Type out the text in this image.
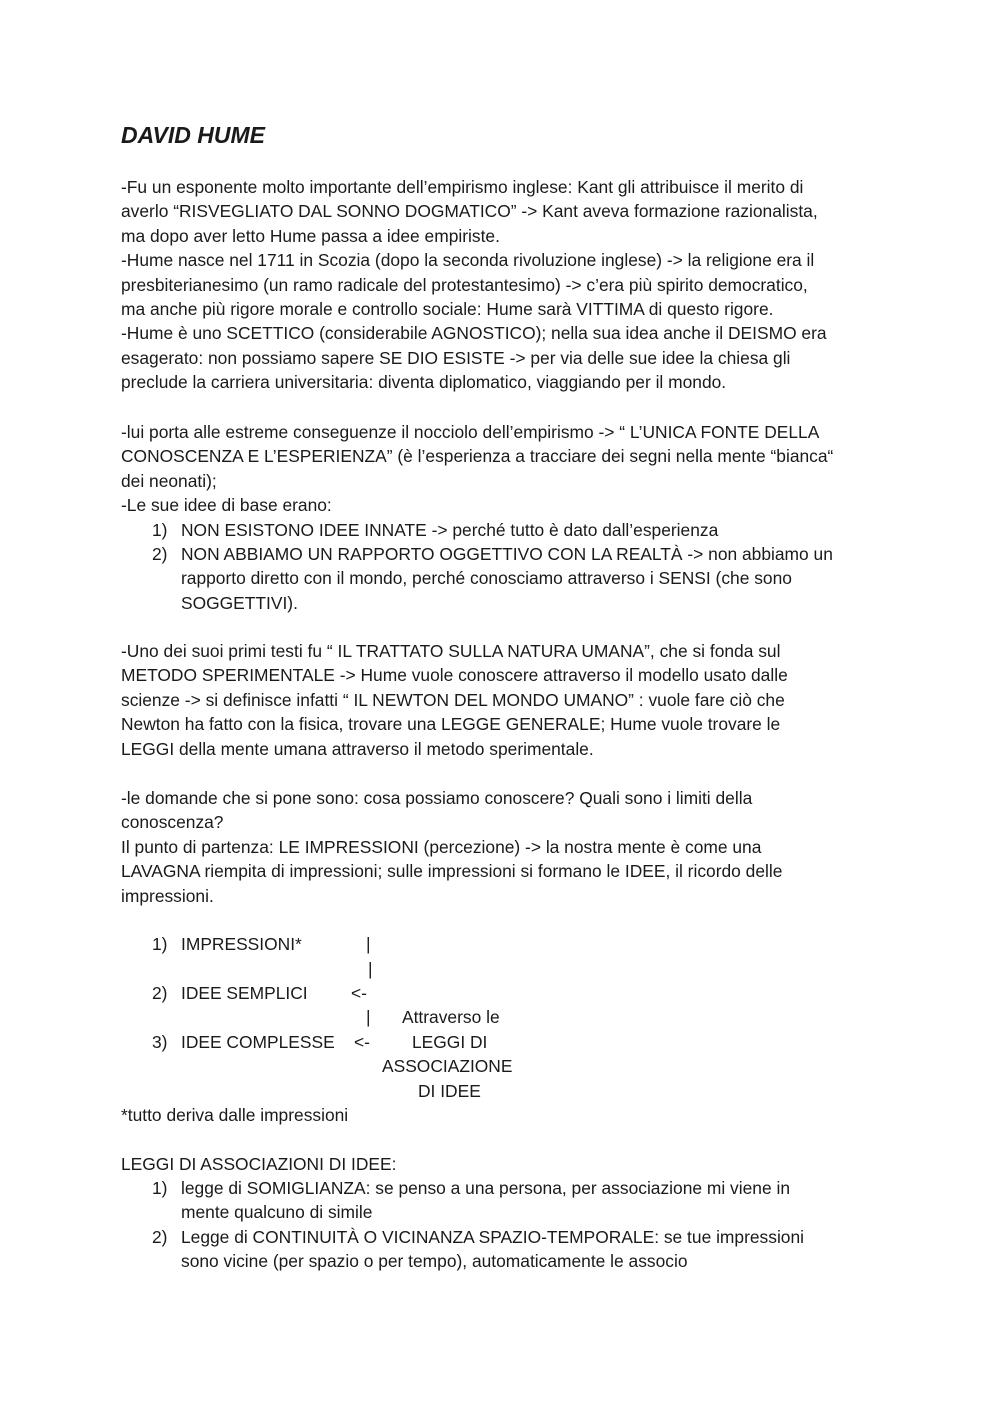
DAVID HUME
-Fu un esponente molto importante dell’empirismo inglese: Kant gli attribuisce il merito di
averlo “RISVEGLIATO DAL SONNO DOGMATICO” -> Kant aveva formazione razionalista,
ma dopo aver letto Hume passa a idee empiriste.
-Hume nasce nel 1711 in Scozia (dopo la seconda rivoluzione inglese) -> la religione era il
presbiterianesimo (un ramo radicale del protestantesimo) -> c’era più spirito democratico,
ma anche più rigore morale e controllo sociale: Hume sarà VITTIMA di questo rigore.
-Hume è uno SCETTICO (considerabile AGNOSTICO); nella sua idea anche il DEISMO era
esagerato: non possiamo sapere SE DIO ESISTE -> per via delle sue idee la chiesa gli
preclude la carriera universitaria: diventa diplomatico, viaggiando per il mondo.
-lui porta alle estreme conseguenze il nocciolo dell’empirismo -> “ L’UNICA FONTE DELLA
CONOSCENZA E L’ESPERIENZA” (è l’esperienza a tracciare dei segni nella mente “bianca“
dei neonati);
-Le sue idee di base erano:
1) NON ESISTONO IDEE INNATE -> perché tutto è dato dall’esperienza
2) NON ABBIAMO UN RAPPORTO OGGETTIVO CON LA REALTÀ -> non abbiamo un
rapporto diretto con il mondo, perché conosciamo attraverso i SENSI (che sono
SOGGETTIVI).
-Uno dei suoi primi testi fu “ IL TRATTATO SULLA NATURA UMANA”, che si fonda sul
METODO SPERIMENTALE -> Hume vuole conoscere attraverso il modello usato dalle
scienze -> si definisce infatti “ IL NEWTON DEL MONDO UMANO” : vuole fare ciò che
Newton ha fatto con la fisica, trovare una LEGGE GENERALE; Hume vuole trovare le
LEGGI della mente umana attraverso il metodo sperimentale.
-le domande che si pone sono: cosa possiamo conoscere? Quali sono i limiti della
conoscenza?
Il punto di partenza: LE IMPRESSIONI (percezione) -> la nostra mente è come una
LAVAGNA riempita di impressioni; sulle impressioni si formano le IDEE, il ricordo delle
impressioni.
1) IMPRESSIONI*	|
|
2) IDEE SEMPLICI <-
| Attraverso le
3) IDEE COMPLESSE <- LEGGI DI
ASSOCIAZIONE
DI IDEE
*tutto deriva dalle impressioni
LEGGI DI ASSOCIAZIONI DI IDEE:
1) legge di SOMIGLIANZA: se penso a una persona, per associazione mi viene in
mente qualcuno di simile
2) Legge di CONTINUITÀ O VICINANZA SPAZIO-TEMPORALE: se tue impressioni
sono vicine (per spazio o per tempo), automaticamente le associo
